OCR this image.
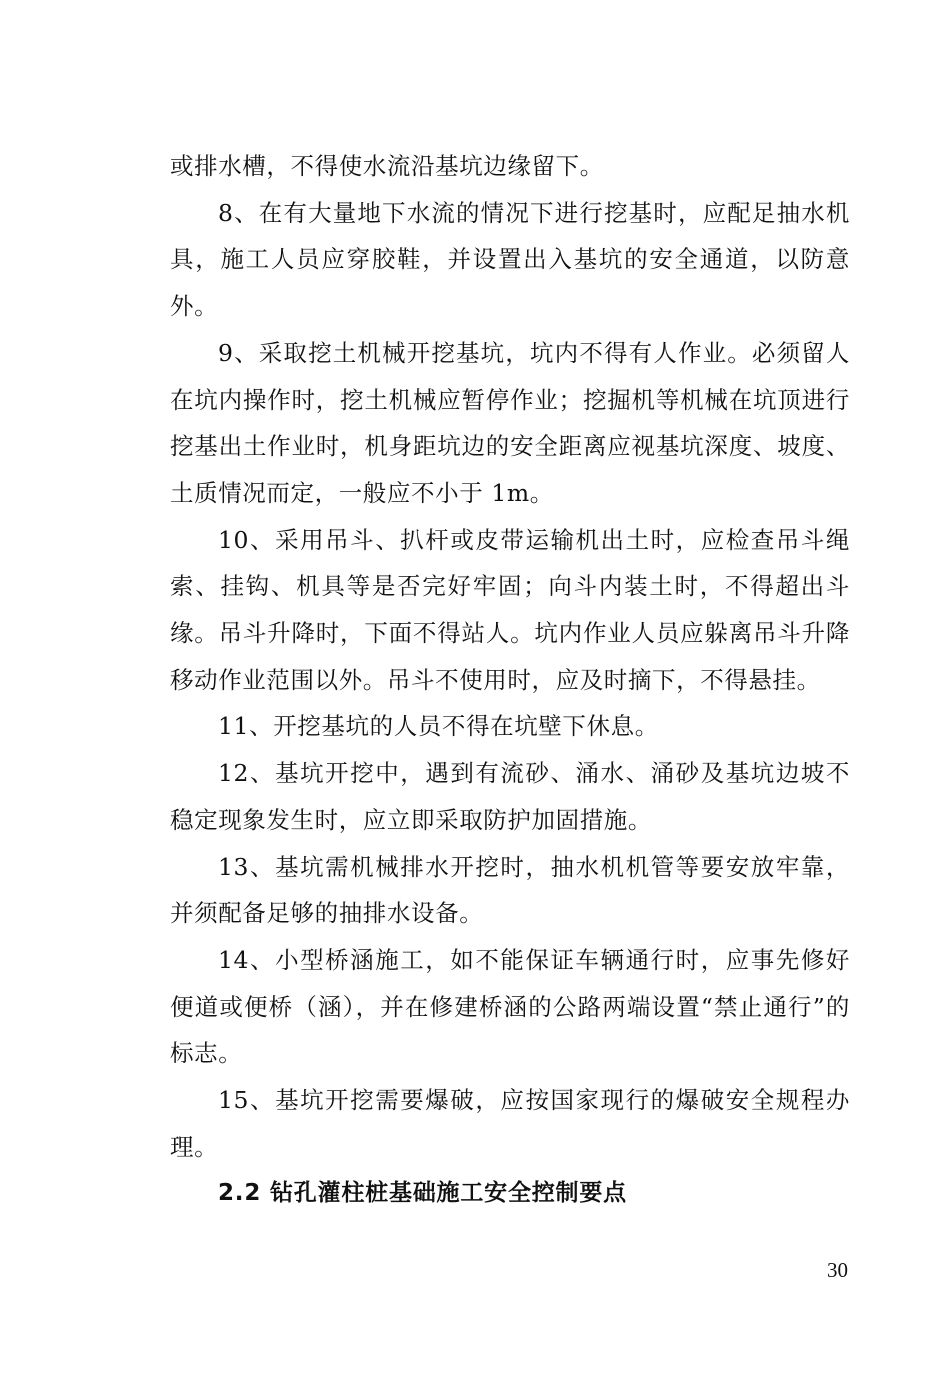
或排水槽，不得使水流沿基坑边缘留下。

8、在有大量地下水流的情况下进行挖基时，应配足抽水机具，施工人员应穿胶鞋，并设置出入基坑的安全通道，以防意外。

9、采取挖土机械开挖基坑，坑内不得有人作业。必须留人在坑内操作时，挖土机械应暂停作业；挖掘机等机械在坑顶进行挖基出土作业时，机身距坑边的安全距离应视基坑深度、坡度、土质情况而定，一般应不小于 1m。

10、采用吊斗、扒杆或皮带运输机出土时，应检查吊斗绳索、挂钩、机具等是否完好牢固；向斗内装土时，不得超出斗缘。吊斗升降时，下面不得站人。坑内作业人员应躲离吊斗升降移动作业范围以外。吊斗不使用时，应及时摘下，不得悬挂。

11、开挖基坑的人员不得在坑壁下休息。

12、基坑开挖中，遇到有流砂、涌水、涌砂及基坑边坡不稳定现象发生时，应立即采取防护加固措施。

13、基坑需机械排水开挖时，抽水机机管等要安放牢靠，并须配备足够的抽排水设备。

14、小型桥涵施工，如不能保证车辆通行时，应事先修好便道或便桥（涵），并在修建桥涵的公路两端设置“禁止通行”的标志。

15、基坑开挖需要爆破，应按国家现行的爆破安全规程办理。

2.2 钻孔灌柱桩基础施工安全控制要点
30
